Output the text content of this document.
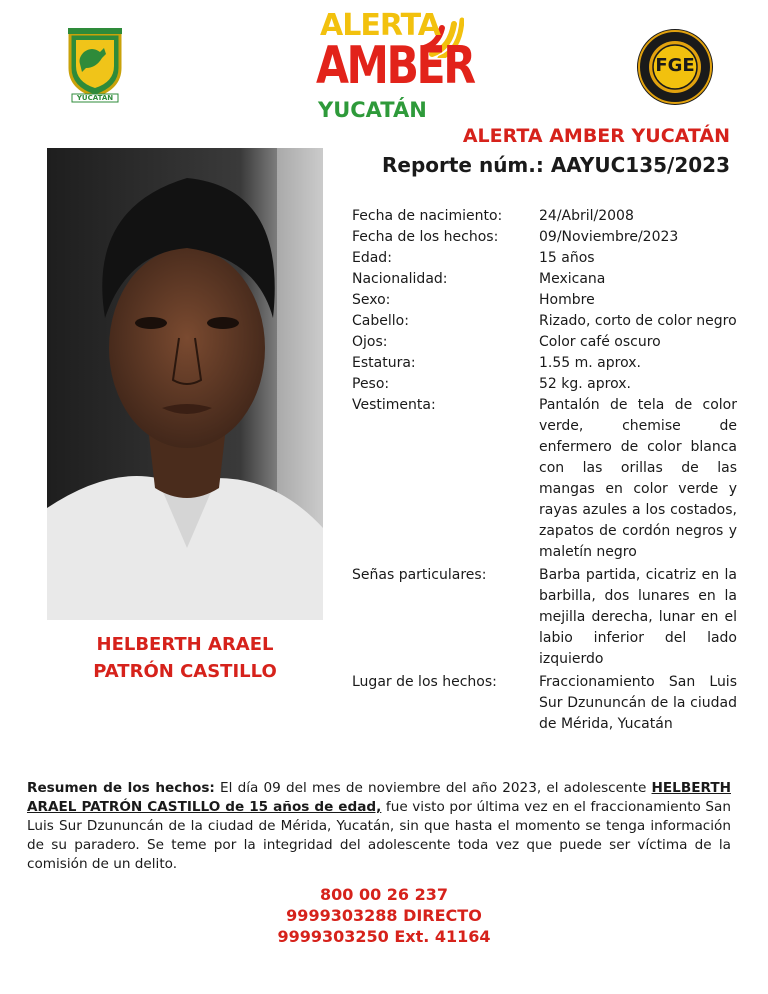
YUCATÁN
ALERTA
AMBER
YUCATÁN
FGE
ALERTA AMBER YUCATÁN
Reporte núm.: AAYUC135/2023
HELBERTH ARAEL
PATRÓN CASTILLO
Fecha de nacimiento:	24/Abril/2008
Fecha de los hechos:	09/Noviembre/2023
Edad:	15 años
Nacionalidad:	Mexicana
Sexo:	Hombre
Cabello:	Rizado, corto de color negro
Ojos:	Color café oscuro
Estatura:	1.55 m. aprox.
Peso:	52 kg. aprox.
Vestimenta:	Pantalón de tela de color verde, chemise de enfermero de color blanca con las orillas de las mangas en color verde y rayas azules a los costados, zapatos de cordón negros y maletín negro
Señas particulares:	Barba partida, cicatriz en la barbilla, dos lunares en la mejilla derecha, lunar en el labio inferior del lado izquierdo
Lugar de los hechos:	Fraccionamiento San Luis Sur Dzununcán de la ciudad de Mérida, Yucatán
Resumen de los hechos: El día 09 del mes de noviembre del año 2023, el adolescente HELBERTH ARAEL PATRÓN CASTILLO de 15 años de edad, fue visto por última vez en el fraccionamiento San Luis Sur Dzununcán de la ciudad de Mérida, Yucatán, sin que hasta el momento se tenga información de su paradero. Se teme por la integridad del adolescente toda vez que puede ser víctima de la comisión de un delito.
800 00 26 237
9999303288 DIRECTO
9999303250 Ext. 41164
